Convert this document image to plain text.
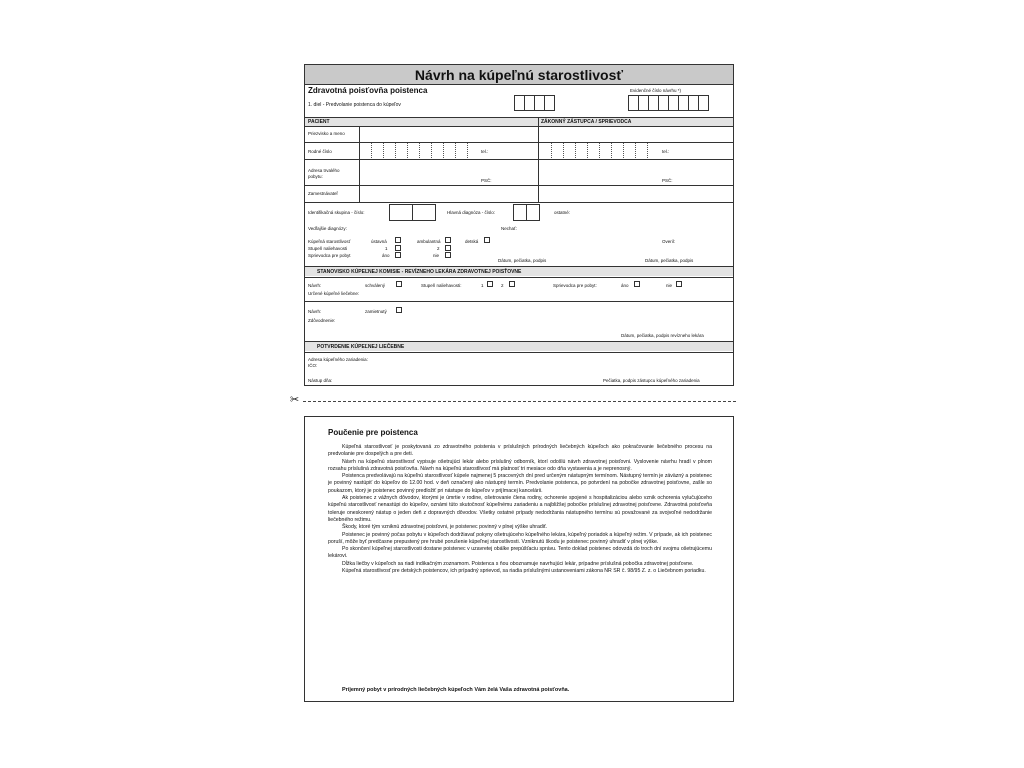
Návrh na kúpeľnú starostlivosť
Zdravotná poisťovňa poistenca
1. diel - Predvolanie poistenca do kúpeľov
Evidenčné číslo návrhu *)
PACIENT	ZÁKONNÝ ZÁSTUPCA / SPRIEVODCA
Priezvisko a meno
Rodné číslo	tel.:	tel.:
Adresa trvalého
pobytu:
PSČ:	PSČ:
Zamestnávateľ
Identifikačná skupina - číslo:	Hlavná diagnóza - číslo:	ostatné:
Vedľajšie diagnózy:	Nechať:
Kúpeľná starostlivosť	ústavná	ambulantná	detská	Overil:
Stupeň naliehavosti	1	2
Sprievodca pre pobyt	áno	nie
Dátum, pečiatka, podpis	Dátum, pečiatka, podpis
STANOVISKO KÚPEĽNEJ KOMISIE - REVÍZNEHO LEKÁRA ZDRAVOTNEJ POISŤOVNE
Návrh:	schválený	Stupeň naliehavosti:	1	2	Sprievodca pre pobyt:	áno	nie
Určené kúpeľné liečebne:
Návrh:	zamietnutý
Zdôvodnenie:
Dátum, pečiatka, podpis revízneho lekára
POTVRDENIE KÚPEĽNEJ LIEČEBNE
Adresa kúpeľného zariadenia:
IČO:
Nástup dňa:	Pečiatka, podpis zástupcu kúpeľného zariadenia
✂
Poučenie pre poistenca

Kúpeľná starostlivosť je poskytovaná zo zdravotného poistenia v príslušných prírodných liečebných kúpeľoch ako pokračovanie liečebného procesu na predvolanie pre dospelých a pre deti.

Návrh na kúpeľnú starostlivosť vypisuje ošetrujúci lekár alebo príslušný odborník, ktorí odošlú návrh zdravotnej poisťovni. Vyslovenie návrhu hradí v plnom rozsahu príslušná zdravotná poisťovňa. Návrh na kúpeľnú starostlivosť má platnosť tri mesiace odo dňa vystavenia a je neprenosný.

Poistenca predvolávajú na kúpeľnú starostlivosť kúpele najmenej 5 pracovných dní pred určeným nástupným termínom. Nástupný termín je záväzný a poistenec je povinný nastúpiť do kúpeľov do 12.00 hod. v deň označený ako nástupný termín. Predvolanie poistenca, po potvrdení na pobočke zdravotnej poisťovne, zašle so poukazom, ktorý je poistenec povinný predložiť pri nástupe do kúpeľov v prijímacej kancelárii.

Ak poistenec z vážnych dôvodov, ktorými je úmrtie v rodine, ošetrovanie člena rodiny, ochorenie spojené s hospitalizáciou alebo vznik ochorenia vylučujúceho kúpeľnú starostlivosť nenastúpi do kúpeľov, oznámi túto skutočnosť kúpeľnému zariadeniu a najbližšej pobočke príslušnej zdravotnej poisťovne. Zdravotná poisťovňa toleruje oneskorený nástup o jeden deň z dopravných dôvodov. Všetky ostatné prípady nedodržania nástupného termínu sú považované za svojvoľné nedodržanie liečebného režimu.

Škody, ktoré tým vzniknú zdravotnej poisťovni, je poistenec povinný v plnej výške uhradiť.

Poistenec je povinný počas pobytu v kúpeľoch dodržiavať pokyny ošetrujúceho kúpeľného lekára, kúpeľný poriadok a kúpeľný režim. V prípade, ak ich poistenec poruší, môže byť predčasne prepustený pre hrubé porušenie kúpeľnej starostlivosti. Vzniknutú škodu je poistenec povinný uhradiť v plnej výške.

Po skončení kúpeľnej starostlivosti dostane poistenec v uzavretej obálke prepúšťaciu správu. Tento doklad poistenec odovzdá do troch dní svojmu ošetrujúcemu lekárovi.

Dĺžka liečby v kúpeľoch sa riadi indikačným zoznamom. Poistenca s ňou oboznamuje navrhujúci lekár, prípadne príslušná pobočka zdravotnej poisťovne.

Kúpeľná starostlivosť pre detských poistencov, ich prípadný sprievod, sa riadia príslušnými ustanoveniami zákona NR SR č. 98/95 Z. z. o Liečebnom poriadku.

Príjemný pobyt v prírodných liečebných kúpeľoch Vám želá Vaša zdravotná poisťovňa.
